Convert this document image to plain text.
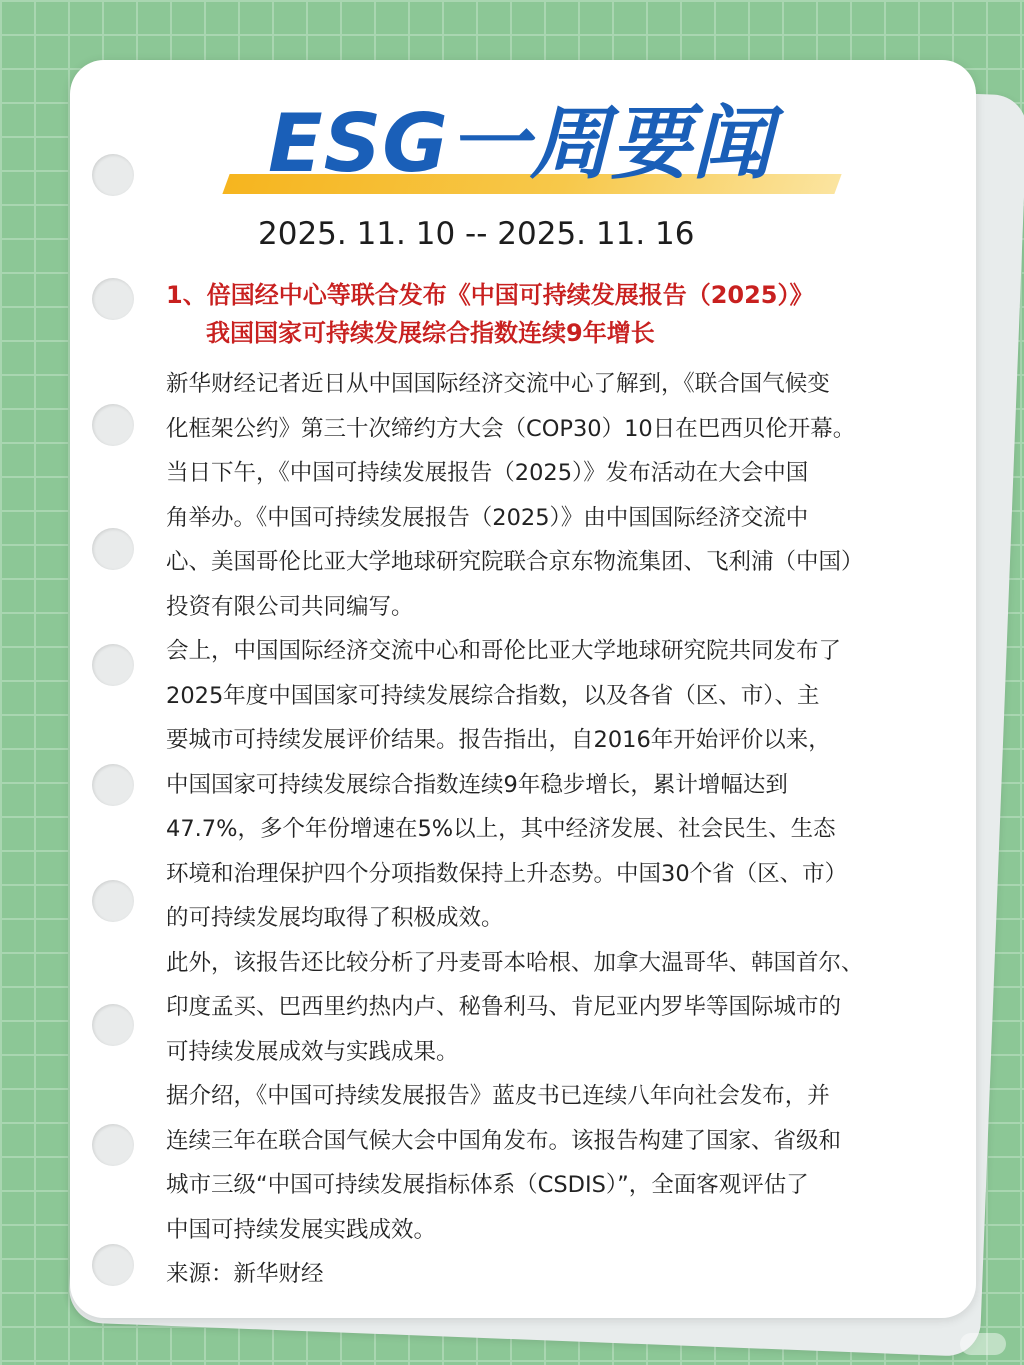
ESG一周要闻
2025. 11. 10 -- 2025. 11. 16
1、倍国经中心等联合发布《中国可持续发展报告（2025）》
我国国家可持续发展综合指数连续9年增长
新华财经记者近日从中国国际经济交流中心了解到，《联合国气候变
化框架公约》第三十次缔约方大会（COP30）10日在巴西贝伦开幕。
当日下午，《中国可持续发展报告（2025）》发布活动在大会中国
角举办。《中国可持续发展报告（2025）》由中国国际经济交流中
心、美国哥伦比亚大学地球研究院联合京东物流集团、飞利浦（中国）
投资有限公司共同编写。
会上，中国国际经济交流中心和哥伦比亚大学地球研究院共同发布了
2025年度中国国家可持续发展综合指数，以及各省（区、市）、主
要城市可持续发展评价结果。报告指出，自2016年开始评价以来，
中国国家可持续发展综合指数连续9年稳步增长，累计增幅达到
47.7%，多个年份增速在5%以上，其中经济发展、社会民生、生态
环境和治理保护四个分项指数保持上升态势。中国30个省（区、市）
的可持续发展均取得了积极成效。
此外，该报告还比较分析了丹麦哥本哈根、加拿大温哥华、韩国首尔、
印度孟买、巴西里约热内卢、秘鲁利马、肯尼亚内罗毕等国际城市的
可持续发展成效与实践成果。
据介绍，《中国可持续发展报告》蓝皮书已连续八年向社会发布，并
连续三年在联合国气候大会中国角发布。该报告构建了国家、省级和
城市三级“中国可持续发展指标体系（CSDIS）”，全面客观评估了
中国可持续发展实践成效。
来源：新华财经
